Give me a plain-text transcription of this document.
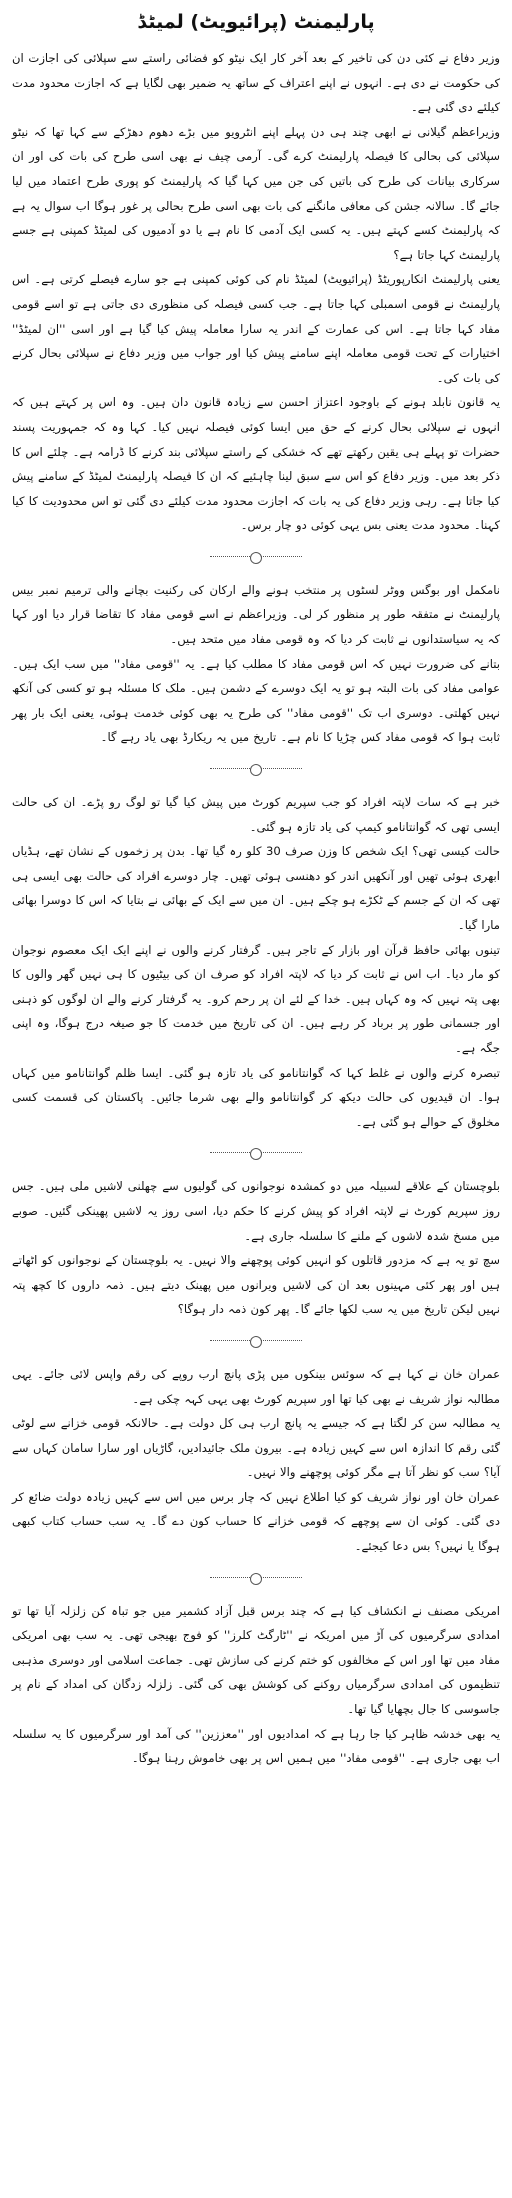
پارلیمنٹ (پرائیویٹ) لمیٹڈ

وزیر دفاع نے کئی دن کی تاخیر کے بعد آخر کار ایک نیٹو کو فضائی راستے سے سپلائی کی اجازت ان کی حکومت نے دی ہے۔ انہوں نے اپنے اعتراف کے ساتھ یہ ضمیر بھی لگایا ہے کہ اجازت محدود مدت کیلئے دی گئی ہے۔

وزیراعظم گیلانی نے ابھی چند ہی دن پہلے اپنے انٹرویو میں بڑے دھوم دھڑکے سے کہا تھا کہ نیٹو سپلائی کی بحالی کا فیصلہ پارلیمنٹ کرے گی۔ آرمی چیف نے بھی اسی طرح کی بات کی اور ان سرکاری بیانات کی طرح کی باتیں کی جن میں کہا گیا کہ پارلیمنٹ کو پوری طرح اعتماد میں لیا جائے گا۔ سالانہ جشن کی معافی مانگنے کی بات بھی اسی طرح بحالی پر غور ہوگا اب سوال یہ ہے کہ پارلیمنٹ کسے کہتے ہیں۔ یہ کسی ایک آدمی کا نام ہے یا دو آدمیوں کی لمیٹڈ کمپنی ہے جسے پارلیمنٹ کہا جاتا ہے؟

یعنی پارلیمنٹ انکارپوریٹڈ (پرائیویٹ) لمیٹڈ نام کی کوئی کمپنی ہے جو سارے فیصلے کرتی ہے۔ اس پارلیمنٹ نے قومی اسمبلی کہا جاتا ہے۔ جب کسی فیصلہ کی منظوری دی جاتی ہے تو اسے قومی مفاد کہا جاتا ہے۔ اس کی عمارت کے اندر یہ سارا معاملہ پیش کیا گیا ہے اور اسی ''ان لمیٹڈ'' اختیارات کے تحت قومی معاملہ اپنے سامنے پیش کیا اور جواب میں وزیر دفاع نے سپلائی بحال کرنے کی بات کی۔

یہ قانون نابلد ہونے کے باوجود اعتزاز احسن سے زیادہ قانون دان ہیں۔ وہ اس پر کہتے ہیں کہ انہوں نے سپلائی بحال کرنے کے حق میں ایسا کوئی فیصلہ نہیں کیا۔ کہا وہ کہ جمہوریت پسند حضرات تو پہلے ہی یقین رکھتے تھے کہ خشکی کے راستے سپلائی بند کرنے کا ڈرامہ ہے۔ چلئے اس کا ذکر بعد میں۔ وزیر دفاع کو اس سے سبق لینا چاہئیے کہ ان کا فیصلہ پارلیمنٹ لمیٹڈ کے سامنے پیش کیا جاتا ہے۔ رہی وزیر دفاع کی یہ بات کہ اجازت محدود مدت کیلئے دی گئی تو اس محدودیت کا کیا کہنا۔ محدود مدت یعنی بس یہی کوئی دو چار برس۔

نامکمل اور بوگس ووٹر لسٹوں پر منتخب ہونے والے ارکان کی رکنیت بچانے والی ترمیم نمبر بیس پارلیمنٹ نے متفقہ طور پر منظور کر لی۔ وزیراعظم نے اسے قومی مفاد کا تقاضا قرار دیا اور کہا کہ یہ سیاستدانوں نے ثابت کر دیا کہ وہ قومی مفاد میں متحد ہیں۔

بتانے کی ضرورت نہیں کہ اس قومی مفاد کا مطلب کیا ہے۔ یہ ''قومی مفاد'' میں سب ایک ہیں۔ عوامی مفاد کی بات البتہ ہو تو یہ ایک دوسرے کے دشمن ہیں۔ ملک کا مسئلہ ہو تو کسی کی آنکھ نہیں کھلتی۔ دوسری اب تک ''قومی مفاد'' کی طرح یہ بھی کوئی خدمت ہوئی، یعنی ایک بار پھر ثابت ہوا کہ قومی مفاد کس چڑیا کا نام ہے۔ تاریخ میں یہ ریکارڈ بھی یاد رہے گا۔

خبر ہے کہ سات لاپتہ افراد کو جب سپریم کورٹ میں پیش کیا گیا تو لوگ رو پڑے۔ ان کی حالت ایسی تھی کہ گوانتانامو کیمپ کی یاد تازہ ہو گئی۔

حالت کیسی تھی؟ ایک شخص کا وزن صرف 30 کلو رہ گیا تھا۔ بدن پر زخموں کے نشان تھے، ہڈیاں ابھری ہوئی تھیں اور آنکھیں اندر کو دھنسی ہوئی تھیں۔ چار دوسرے افراد کی حالت بھی ایسی ہی تھی کہ ان کے جسم کے ٹکڑے ہو چکے ہیں۔ ان میں سے ایک کے بھائی نے بتایا کہ اس کا دوسرا بھائی مارا گیا۔

تینوں بھائی حافظ قرآن اور بازار کے تاجر ہیں۔ گرفتار کرنے والوں نے اپنے ایک ایک معصوم نوجوان کو مار دیا۔ اب اس نے ثابت کر دیا کہ لاپتہ افراد کو صرف ان کی بیٹیوں کا ہی نہیں گھر والوں کا بھی پتہ نہیں کہ وہ کہاں ہیں۔ خدا کے لئے ان پر رحم کرو۔ یہ گرفتار کرنے والے ان لوگوں کو ذہنی اور جسمانی طور پر برباد کر رہے ہیں۔ ان کی تاریخ میں خدمت کا جو صیغہ درج ہوگا، وہ اپنی جگہ ہے۔

تبصرہ کرنے والوں نے غلط کہا کہ گوانتانامو کی یاد تازہ ہو گئی۔ ایسا ظلم گوانتانامو میں کہاں ہوا۔ ان قیدیوں کی حالت دیکھ کر گوانتانامو والے بھی شرما جائیں۔ پاکستان کی قسمت کسی مخلوق کے حوالے ہو گئی ہے۔

بلوچستان کے علاقے لسبیلہ میں دو کمشدہ نوجوانوں کی گولیوں سے چھلنی لاشیں ملی ہیں۔ جس روز سپریم کورٹ نے لاپتہ افراد کو پیش کرنے کا حکم دیا، اسی روز یہ لاشیں پھینکی گئیں۔ صوبے میں مسخ شدہ لاشوں کے ملنے کا سلسلہ جاری ہے۔

سچ تو یہ ہے کہ مزدور قاتلوں کو انہیں کوئی پوچھنے والا نہیں۔ یہ بلوچستان کے نوجوانوں کو اٹھاتے ہیں اور پھر کئی مہینوں بعد ان کی لاشیں ویرانوں میں پھینک دیتے ہیں۔ ذمہ داروں کا کچھ پتہ نہیں لیکن تاریخ میں یہ سب لکھا جائے گا۔ پھر کون ذمہ دار ہوگا؟

عمران خان نے کہا ہے کہ سوئس بینکوں میں پڑی پانچ ارب روپے کی رقم واپس لائی جائے۔ یہی مطالبہ نواز شریف نے بھی کیا تھا اور سپریم کورٹ بھی یہی کہہ چکی ہے۔

یہ مطالبہ سن کر لگتا ہے کہ جیسے یہ پانچ ارب ہی کل دولت ہے۔ حالانکہ قومی خزانے سے لوٹی گئی رقم کا اندازہ اس سے کہیں زیادہ ہے۔ بیرون ملک جائیدادیں، گاڑیاں اور سارا سامان کہاں سے آیا؟ سب کو نظر آتا ہے مگر کوئی پوچھنے والا نہیں۔

عمران خان اور نواز شریف کو کیا اطلاع نہیں کہ چار برس میں اس سے کہیں زیادہ دولت ضائع کر دی گئی۔ کوئی ان سے پوچھے کہ قومی خزانے کا حساب کون دے گا۔ یہ سب حساب کتاب کبھی ہوگا یا نہیں؟ بس دعا کیجئے۔

امریکی مصنف نے انکشاف کیا ہے کہ چند برس قبل آزاد کشمیر میں جو تباہ کن زلزلہ آیا تھا تو امدادی سرگرمیوں کی آڑ میں امریکہ نے ''ٹارگٹ کلرز'' کو فوج بھیجی تھی۔ یہ سب بھی امریکی مفاد میں تھا اور اس کے مخالفوں کو ختم کرنے کی سازش تھی۔ جماعت اسلامی اور دوسری مذہبی تنظیموں کی امدادی سرگرمیاں روکنے کی کوشش بھی کی گئی۔ زلزلہ زدگان کی امداد کے نام پر جاسوسی کا جال بچھایا گیا تھا۔

یہ بھی خدشہ ظاہر کیا جا رہا ہے کہ امدادیوں اور ''معززین'' کی آمد اور سرگرمیوں کا یہ سلسلہ اب بھی جاری ہے۔ ''قومی مفاد'' میں ہمیں اس پر بھی خاموش رہنا ہوگا۔
